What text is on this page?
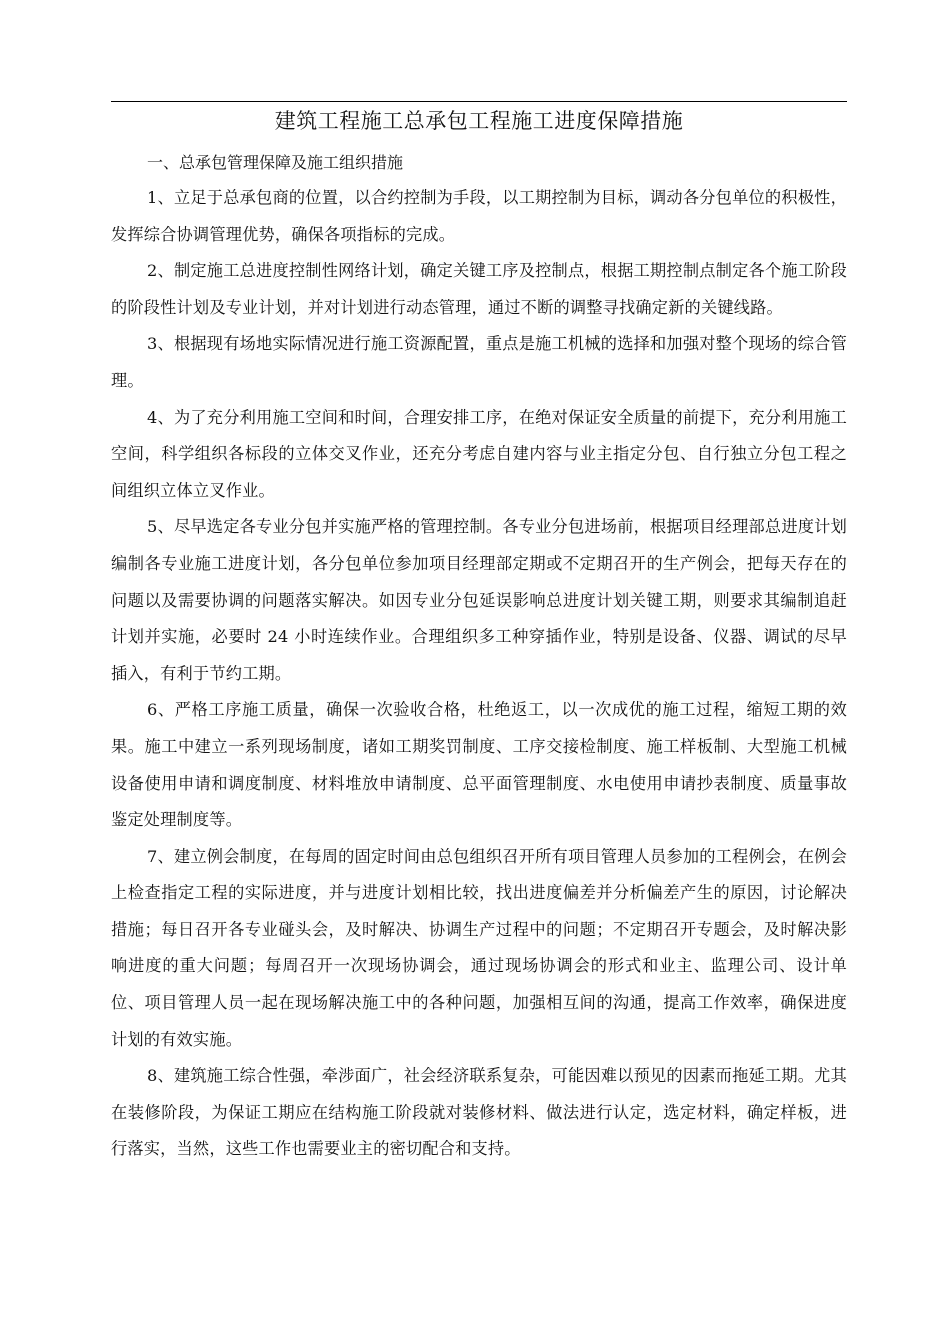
建筑工程施工总承包工程施工进度保障措施

一、总承包管理保障及施工组织措施

1、立足于总承包商的位置，以合约控制为手段，以工期控制为目标，调动各分包单位的积极性，发挥综合协调管理优势，确保各项指标的完成。

2、制定施工总进度控制性网络计划，确定关键工序及控制点，根据工期控制点制定各个施工阶段的阶段性计划及专业计划，并对计划进行动态管理，通过不断的调整寻找确定新的关键线路。

3、根据现有场地实际情况进行施工资源配置，重点是施工机械的选择和加强对整个现场的综合管理。

4、为了充分利用施工空间和时间，合理安排工序，在绝对保证安全质量的前提下，充分利用施工空间，科学组织各标段的立体交叉作业，还充分考虑自建内容与业主指定分包、自行独立分包工程之间组织立体立叉作业。

5、尽早选定各专业分包并实施严格的管理控制。各专业分包进场前，根据项目经理部总进度计划编制各专业施工进度计划，各分包单位参加项目经理部定期或不定期召开的生产例会，把每天存在的问题以及需要协调的问题落实解决。如因专业分包延误影响总进度计划关键工期，则要求其编制追赶计划并实施，必要时 24 小时连续作业。合理组织多工种穿插作业，特别是设备、仪器、调试的尽早插入，有利于节约工期。

6、严格工序施工质量，确保一次验收合格，杜绝返工，以一次成优的施工过程，缩短工期的效果。施工中建立一系列现场制度，诸如工期奖罚制度、工序交接检制度、施工样板制、大型施工机械设备使用申请和调度制度、材料堆放申请制度、总平面管理制度、水电使用申请抄表制度、质量事故鉴定处理制度等。

7、建立例会制度，在每周的固定时间由总包组织召开所有项目管理人员参加的工程例会，在例会上检查指定工程的实际进度，并与进度计划相比较，找出进度偏差并分析偏差产生的原因，讨论解决措施；每日召开各专业碰头会，及时解决、协调生产过程中的问题；不定期召开专题会，及时解决影响进度的重大问题；每周召开一次现场协调会，通过现场协调会的形式和业主、监理公司、设计单位、项目管理人员一起在现场解决施工中的各种问题，加强相互间的沟通，提高工作效率，确保进度计划的有效实施。

8、建筑施工综合性强，牵涉面广，社会经济联系复杂，可能因难以预见的因素而拖延工期。尤其在装修阶段，为保证工期应在结构施工阶段就对装修材料、做法进行认定，选定材料，确定样板，进行落实，当然，这些工作也需要业主的密切配合和支持。
